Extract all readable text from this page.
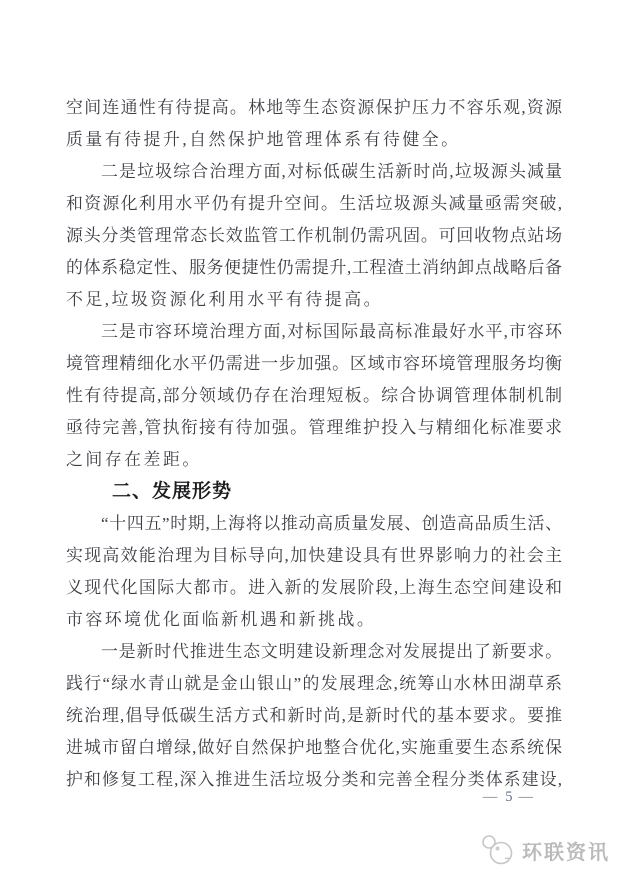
空间连通性有待提高。林地等生态资源保护压力不容乐观,资源
质量有待提升,自然保护地管理体系有待健全。
二是垃圾综合治理方面,对标低碳生活新时尚,垃圾源头减量
和资源化利用水平仍有提升空间。生活垃圾源头减量亟需突破,
源头分类管理常态长效监管工作机制仍需巩固。可回收物点站场
的体系稳定性、服务便捷性仍需提升,工程渣土消纳卸点战略后备
不足,垃圾资源化利用水平有待提高。
三是市容环境治理方面,对标国际最高标准最好水平,市容环
境管理精细化水平仍需进一步加强。区域市容环境管理服务均衡
性有待提高,部分领域仍存在治理短板。综合协调管理体制机制
亟待完善,管执衔接有待加强。管理维护投入与精细化标准要求
之间存在差距。
二、发展形势
“十四五”时期,上海将以推动高质量发展、创造高品质生活、
实现高效能治理为目标导向,加快建设具有世界影响力的社会主
义现代化国际大都市。进入新的发展阶段,上海生态空间建设和
市容环境优化面临新机遇和新挑战。
一是新时代推进生态文明建设新理念对发展提出了新要求。
践行“绿水青山就是金山银山”的发展理念,统筹山水林田湖草系
统治理,倡导低碳生活方式和新时尚,是新时代的基本要求。要推
进城市留白增绿,做好自然保护地整合优化,实施重要生态系统保
护和修复工程,深入推进生活垃圾分类和完善全程分类体系建设,
— 5 —
环联资讯
